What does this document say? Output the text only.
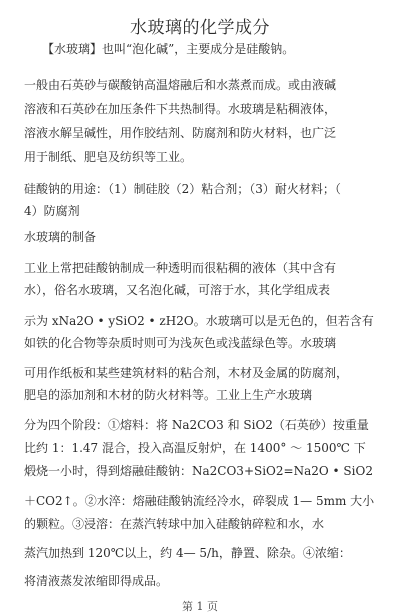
水玻璃的化学成分
【水玻璃】也叫“泡化碱”，主要成分是硅酸钠。
一般由石英砂与碳酸钠高温熔融后和水蒸煮而成。或由液碱
溶液和石英砂在加压条件下共热制得。水玻璃是粘稠液体，
溶液水解呈碱性，用作胶结剂、防腐剂和防火材料，也广泛
用于制纸、肥皂及纺织等工业。
硅酸钠的用途：（1）制硅胶（2）粘合剂；（3）耐火材料；（
4）防腐剂
水玻璃的制备
工业上常把硅酸钠制成一种透明而很粘稠的液体（其中含有
水），俗名水玻璃，又名泡化碱，可溶于水，其化学组成表
示为 xNa2O • ySiO2 • zH2O。水玻璃可以是无色的，但若含有
如铁的化合物等杂质时则可为浅灰色或浅蓝绿色等。水玻璃
可用作纸板和某些建筑材料的粘合剂，木材及金属的防腐剂，
肥皂的添加剂和木材的防火材料等。工业上生产水玻璃
分为四个阶段：①熔料：将 Na2CO3 和 SiO2（石英砂）按重量
比约 1：1.47 混合，投入高温反射炉，在 1400° ～ 1500℃ 下
煅烧一小时，得到熔融硅酸钠：Na2CO3+SiO2=Na2O • SiO2
＋CO2↑。②水淬：熔融硅酸钠流经冷水，碎裂成 1— 5mm 大小
的颗粒。③浸溶：在蒸汽转球中加入硅酸钠碎粒和水，水
蒸汽加热到 120℃以上，约 4— 5/h，静置、除杂。④浓缩：
将清液蒸发浓缩即得成品。
第 1 页
